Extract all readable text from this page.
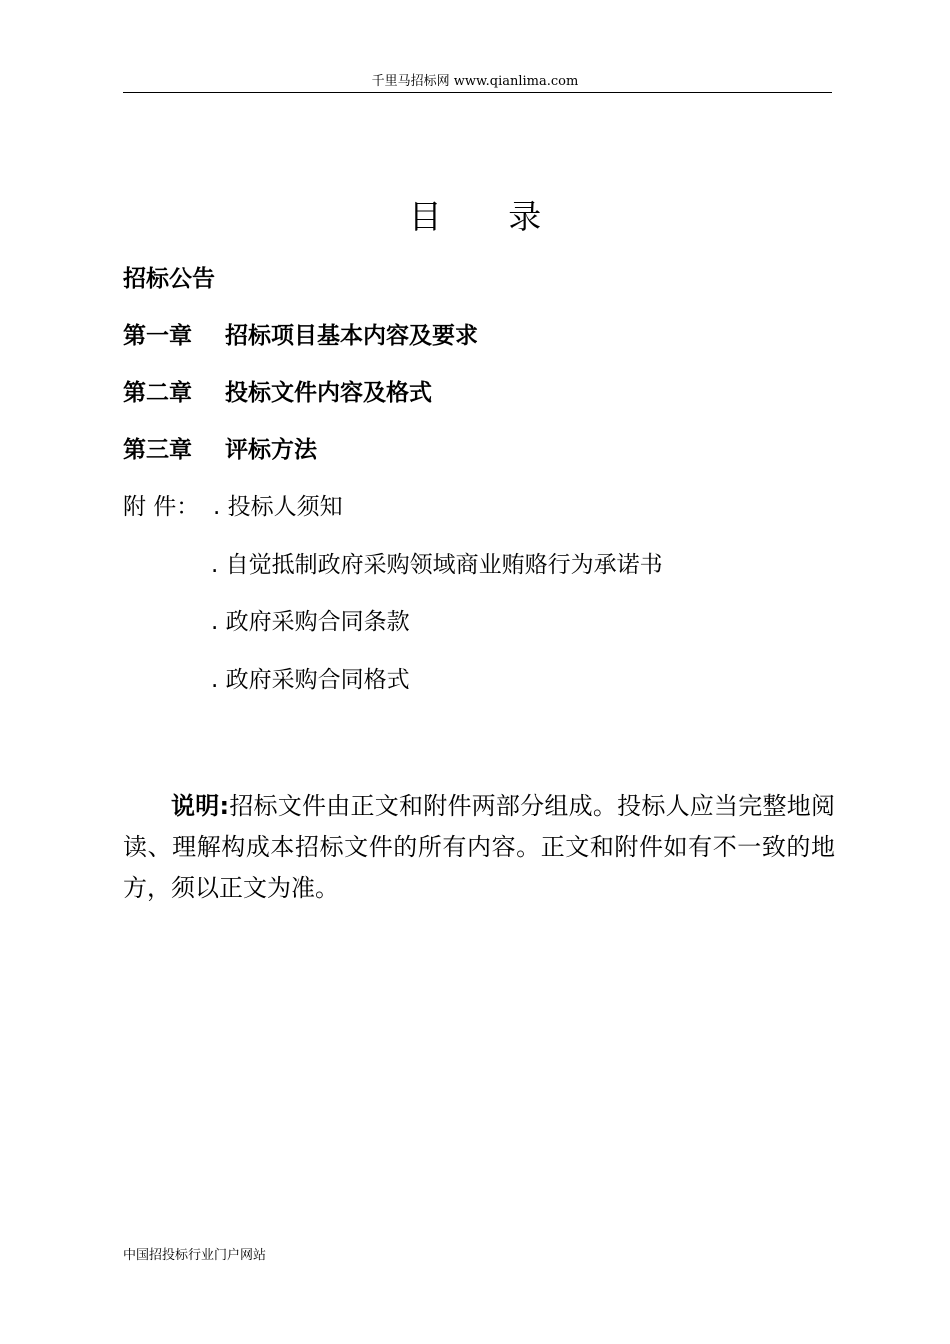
千里马招标网 www.qianlima.com
目 录
招标公告
第一章 招标项目基本内容及要求
第二章 投标文件内容及格式
第三章 评标方法
附 件： . 投标人须知
. 自觉抵制政府采购领域商业贿赂行为承诺书
. 政府采购合同条款
. 政府采购合同格式
说明:招标文件由正文和附件两部分组成。投标人应当完整地阅读、理解构成本招标文件的所有内容。正文和附件如有不一致的地方，须以正文为准。
中国招投标行业门户网站
